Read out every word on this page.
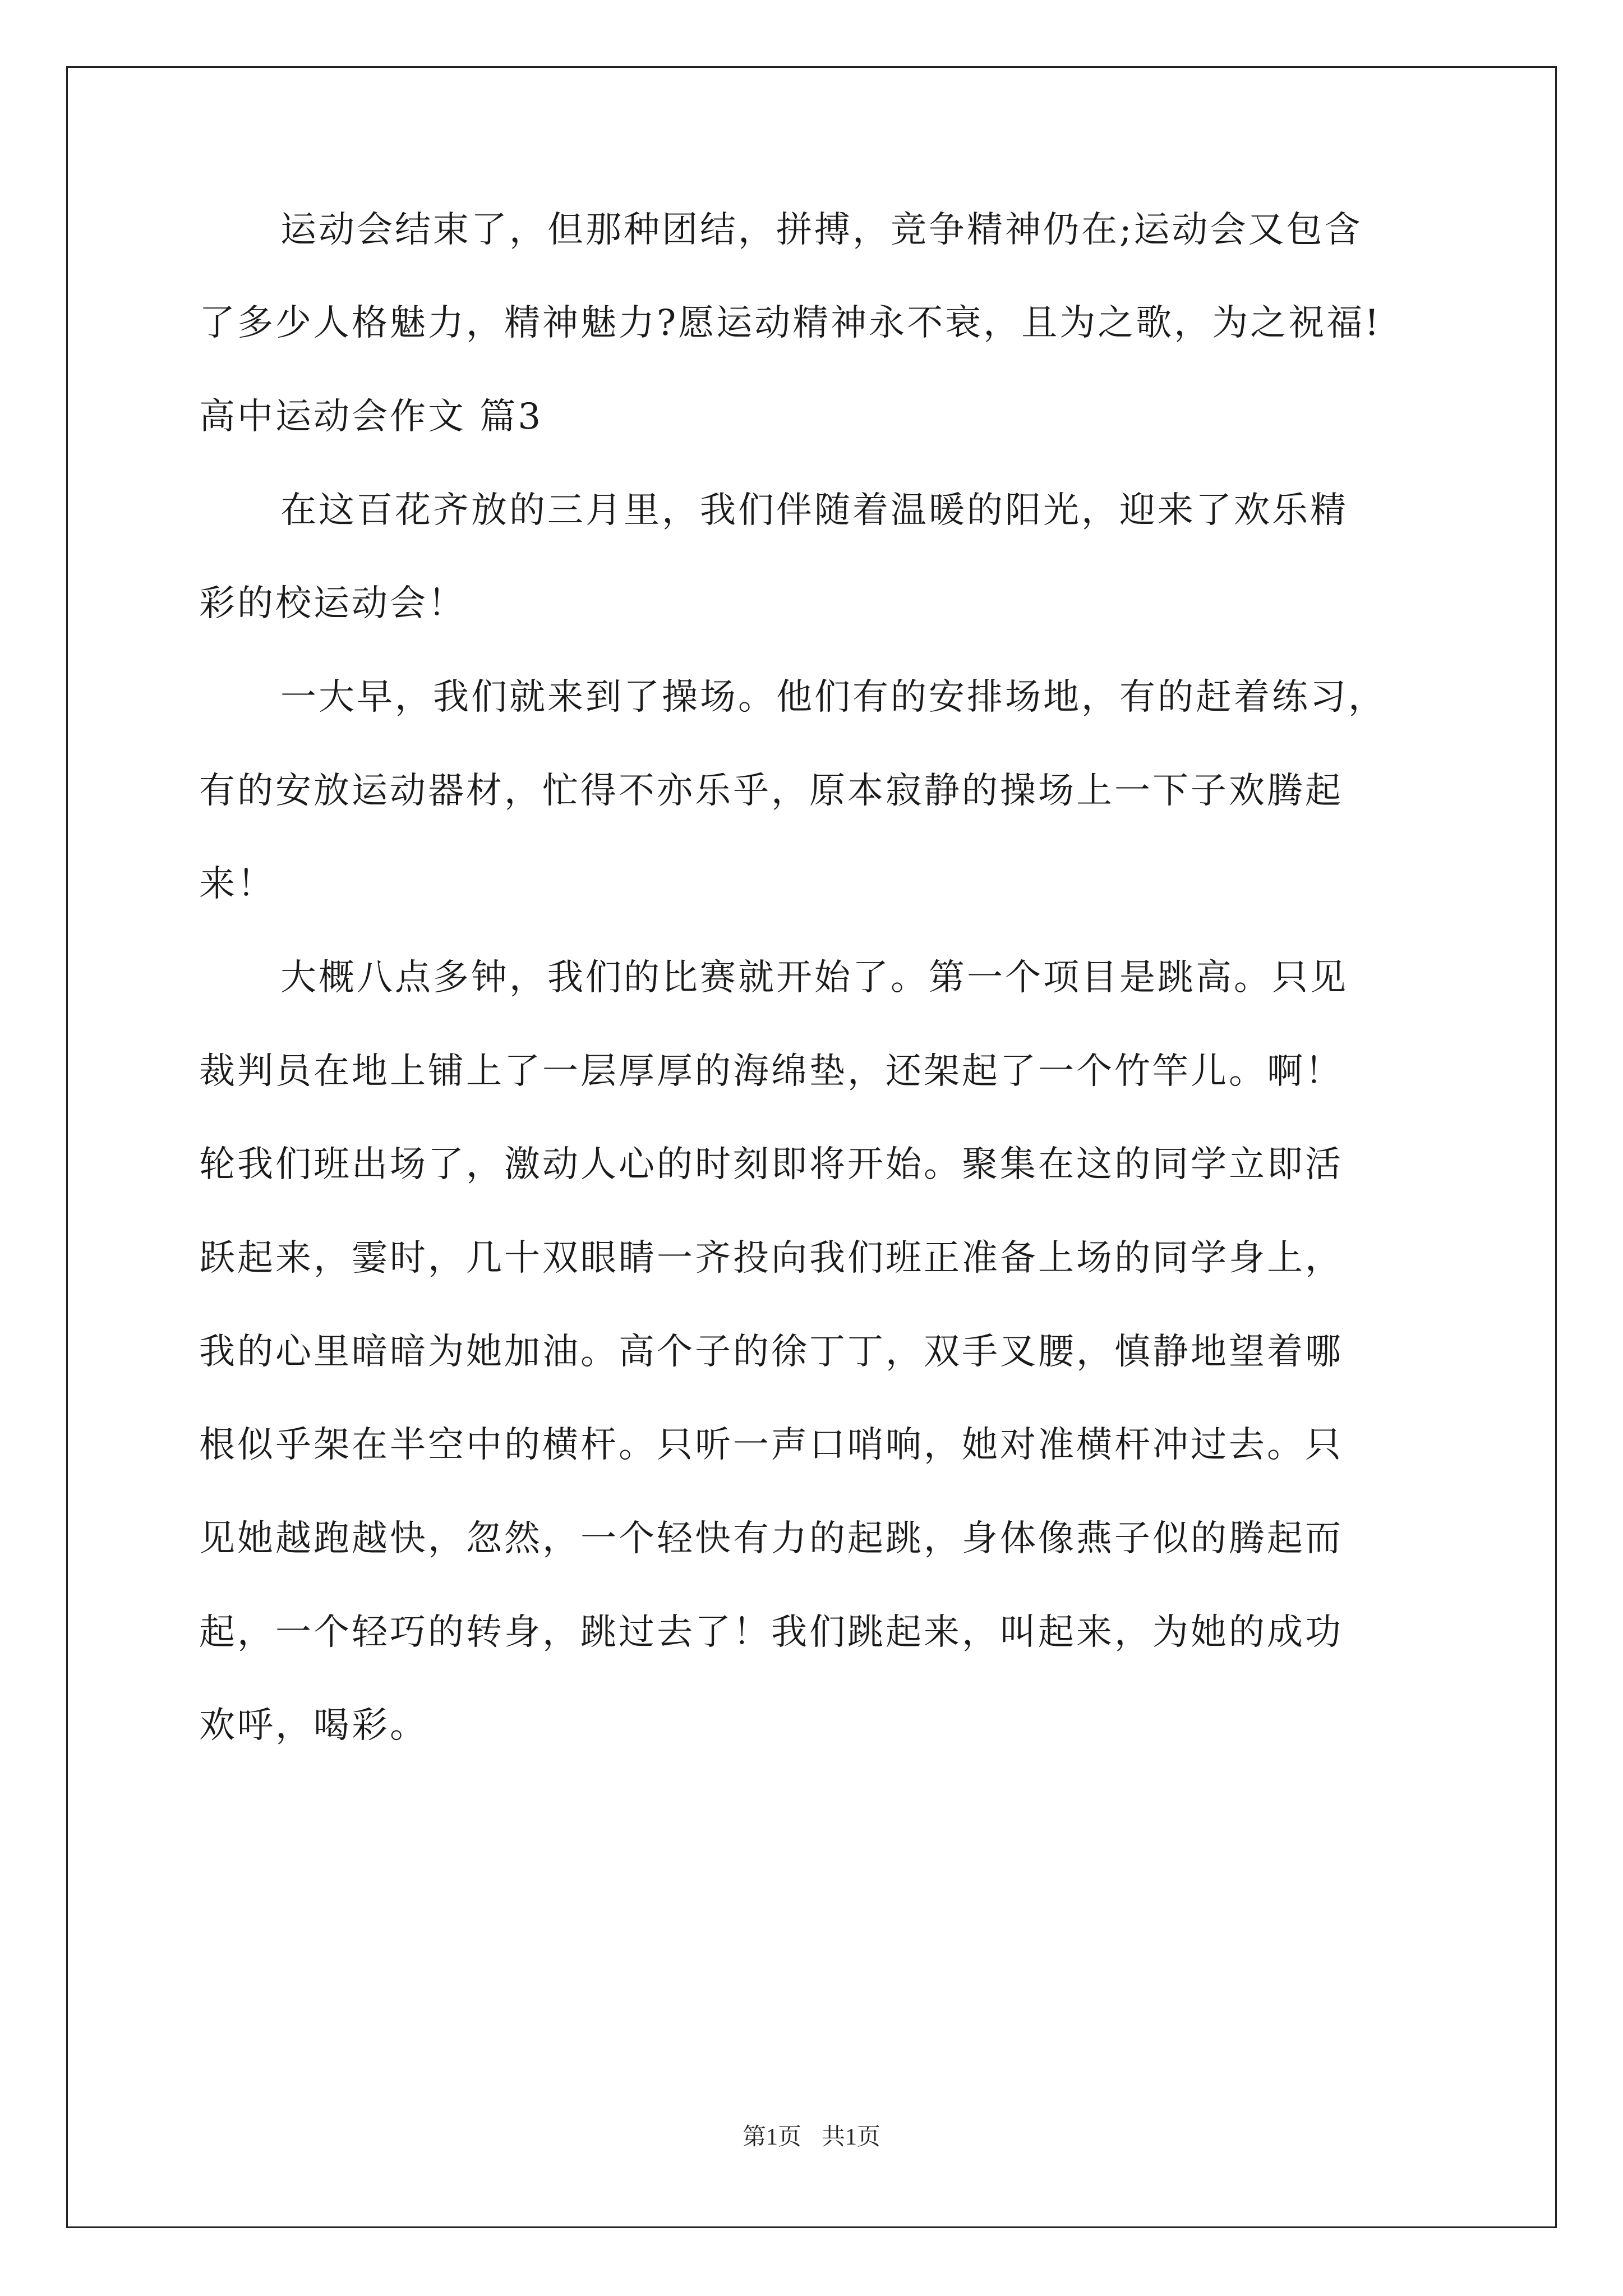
运动会结束了，但那种团结，拼搏，竞争精神仍在;运动会又包含
了多少人格魅力，精神魅力?愿运动精神永不衰，且为之歌，为之祝福!
高中运动会作文 篇3
在这百花齐放的三月里，我们伴随着温暖的阳光，迎来了欢乐精
彩的校运动会！
一大早，我们就来到了操场。他们有的安排场地，有的赶着练习，
有的安放运动器材，忙得不亦乐乎，原本寂静的操场上一下子欢腾起
来！
大概八点多钟，我们的比赛就开始了。第一个项目是跳高。只见
裁判员在地上铺上了一层厚厚的海绵垫，还架起了一个竹竿儿。啊！
轮我们班出场了，激动人心的时刻即将开始。聚集在这的同学立即活
跃起来，霎时，几十双眼睛一齐投向我们班正准备上场的同学身上，
我的心里暗暗为她加油。高个子的徐丁丁，双手叉腰，慎静地望着哪
根似乎架在半空中的横杆。只听一声口哨响，她对准横杆冲过去。只
见她越跑越快，忽然，一个轻快有力的起跳，身体像燕子似的腾起而
起，一个轻巧的转身，跳过去了！我们跳起来，叫起来，为她的成功
欢呼，喝彩。
第1页 共1页
